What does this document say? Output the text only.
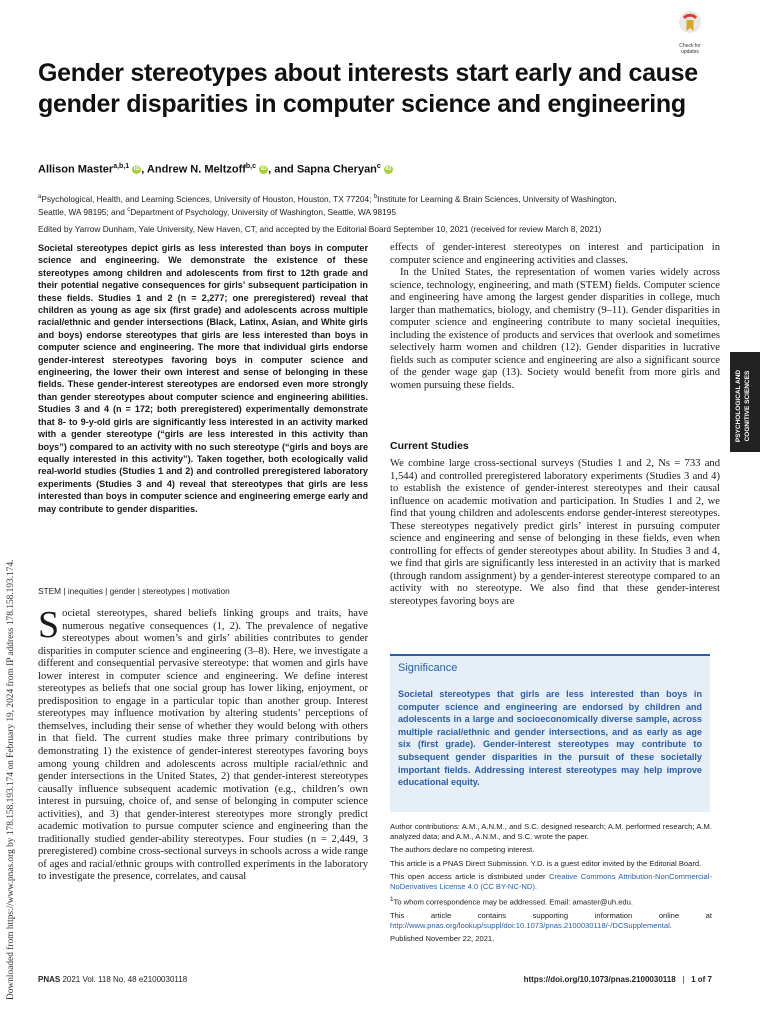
Check for
updates
Gender stereotypes about interests start early and cause gender disparities in computer science and engineering
Allison Master$^{a,b,1}$ iD , Andrew N. Meltzoff$^{b,c}$ iD , and Sapna Cheryan$^c$ iD
$^a$Psychological, Health, and Learning Sciences, University of Houston, Houston, TX 77204; $^b$Institute for Learning & Brain Sciences, University of Washington,
Seattle, WA 98195; and $^c$Department of Psychology, University of Washington, Seattle, WA 98195
Edited by Yarrow Dunham, Yale University, New Haven, CT, and accepted by the Editorial Board September 10, 2021 (received for review March 8, 2021)
Societal stereotypes depict girls as less interested than boys in computer science and engineering. We demonstrate the existence of these stereotypes among children and adolescents from first to 12th grade and their potential negative consequences for girls’ subsequent participation in these fields. Studies 1 and 2 (n = 2,277; one preregistered) reveal that children as young as age six (first grade) and adolescents across multiple racial/ethnic and gender intersections (Black, Latinx, Asian, and White girls and boys) endorse stereotypes that girls are less interested than boys in computer science and engineering. The more that individual girls endorse gender-interest stereotypes favoring boys in computer science and engineering, the lower their own interest and sense of belonging in these fields. These gender-interest stereotypes are endorsed even more strongly than gender stereotypes about computer science and engineering abilities. Studies 3 and 4 (n = 172; both preregistered) experimentally demonstrate that 8- to 9-y-old girls are significantly less interested in an activity marked with a gender stereotype (“girls are less interested in this activity than boys”) compared to an activity with no such stereotype (“girls and boys are equally interested in this activity”). Taken together, both ecologically valid real-world studies (Studies 1 and 2) and controlled preregistered laboratory experiments (Studies 3 and 4) reveal that stereotypes that girls are less interested than boys in computer science and engineering emerge early and may contribute to gender disparities.
STEM | inequities | gender | stereotypes | motivation
Societal stereotypes, shared beliefs linking groups and traits, have numerous negative consequences (1, 2). The prevalence of negative stereotypes about women’s and girls’ abilities contributes to gender disparities in computer science and engineering (3–8). Here, we investigate a different and consequential pervasive stereotype: that women and girls have lower interest in computer science and engineering. We define interest stereotypes as beliefs that one social group has lower liking, enjoyment, or predisposition to engage in a particular topic than another group. Interest stereotypes may influence motivation by altering students’ perceptions of themselves, including their sense of whether they would belong with others in that field. The current studies make three primary contributions by demonstrating 1) the existence of gender-interest stereotypes favoring boys among young children and adolescents across multiple racial/ethnic and gender intersections in the United States, 2) that gender-interest stereotypes causally influence subsequent academic motivation (e.g., children’s own interest in pursuing, choice of, and sense of belonging in computer science activities), and 3) that gender-interest stereotypes more strongly predict academic motivation to pursue computer science and engineering than the traditionally studied gender-ability stereotypes. Four studies (n = 2,449, 3 preregistered) combine cross-sectional surveys in schools across a wide range of ages and racial/ethnic groups with controlled experiments in the laboratory to investigate the presence, correlates, and causal

effects of gender-interest stereotypes on interest and participation in computer science and engineering activities and classes.

In the United States, the representation of women varies widely across science, technology, engineering, and math (STEM) fields. Computer science and engineering have among the largest gender disparities in college, much larger than mathematics, biology, and chemistry (9–11). Gender disparities in computer science and engineering contribute to many societal inequities, including the existence of products and services that overlook and sometimes selectively harm women and children (12). Gender disparities in lucrative fields such as computer science and engineering are also a significant source of the gender wage gap (13). Society would benefit from more girls and women pursuing these fields.

Current Studies
We combine large cross-sectional surveys (Studies 1 and 2, Ns = 733 and 1,544) and controlled preregistered laboratory experiments (Studies 3 and 4) to establish the existence of gender-interest stereotypes and their causal influence on academic motivation and participation. In Studies 1 and 2, we find that young children and adolescents endorse gender-interest stereotypes. These stereotypes negatively predict girls’ interest in pursuing computer science and engineering and sense of belonging in these fields, even when controlling for effects of gender stereotypes about ability. In Studies 3 and 4, we find that girls are significantly less interested in an activity that is marked (through random assignment) by a gender-interest stereotype compared to an activity with no stereotype. We also find that these gender-interest stereotypes favoring boys are
Significance
Societal stereotypes that girls are less interested than boys in computer science and engineering are endorsed by children and adolescents in a large and socioeconomically diverse sample, across multiple racial/ethnic and gender intersections, and as early as age six (first grade). Gender-interest stereotypes may contribute to subsequent gender disparities in the pursuit of these societally important fields. Addressing interest stereotypes may help improve educational equity.

Author contributions: A.M., A.N.M., and S.C. designed research; A.M. performed research; A.M. analyzed data; and A.M., A.N.M., and S.C. wrote the paper.

The authors declare no competing interest.

This article is a PNAS Direct Submission. Y.D. is a guest editor invited by the Editorial Board.

This open access article is distributed under Creative Commons Attribution-NonCommercial-NoDerivatives License 4.0 (CC BY-NC-ND).

$^1$To whom correspondence may be addressed. Email: amaster@uh.edu.

This article contains supporting information online at http://www.pnas.org/lookup/suppl/doi:10.1073/pnas.2100030118/-/DCSupplemental.

Published November 22, 2021.

PNAS 2021 Vol. 118 No. 48 e2100030118	https://doi.org/10.1073/pnas.2100030118 | 1 of 7
PSYCHOLOGICAL AND COGNITIVE SCIENCES
Downloaded from https://www.pnas.org by 178.158.193.174 on February 19, 2024 from IP address 178.158.193.174.
